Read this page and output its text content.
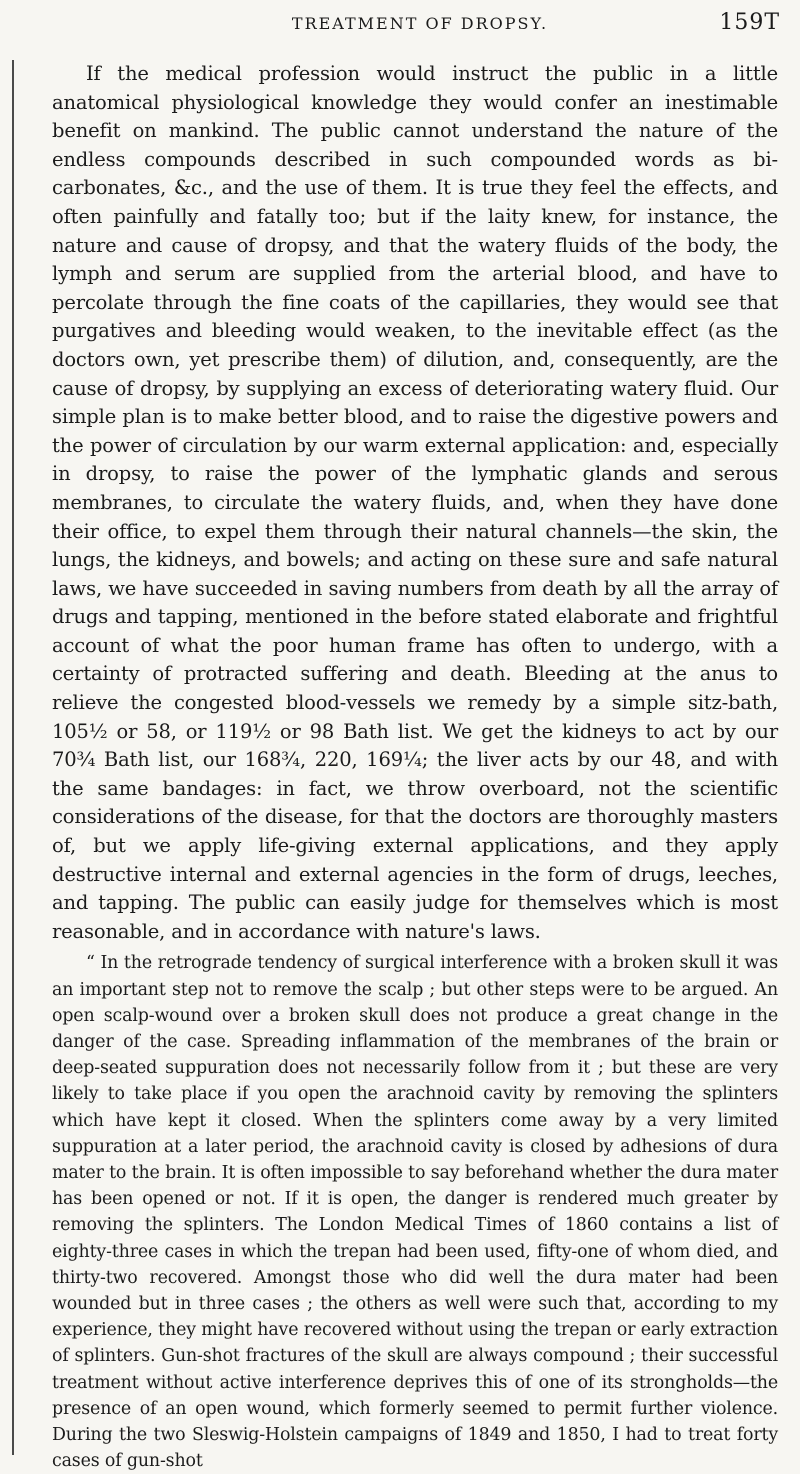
TREATMENT OF DROPSY.	159T

If the medical profession would instruct the public in a little anatomical physiological knowledge they would confer an inestimable benefit on mankind. The public cannot understand the nature of the endless compounds described in such compounded words as bi-carbonates, &c., and the use of them. It is true they feel the effects, and often painfully and fatally too; but if the laity knew, for instance, the nature and cause of dropsy, and that the watery fluids of the body, the lymph and serum are supplied from the arterial blood, and have to percolate through the fine coats of the capillaries, they would see that purgatives and bleeding would weaken, to the inevitable effect (as the doctors own, yet prescribe them) of dilution, and, consequently, are the cause of dropsy, by supplying an excess of deteriorating watery fluid. Our simple plan is to make better blood, and to raise the digestive powers and the power of circulation by our warm external application: and, especially in dropsy, to raise the power of the lymphatic glands and serous membranes, to circulate the watery fluids, and, when they have done their office, to expel them through their natural channels—the skin, the lungs, the kidneys, and bowels; and acting on these sure and safe natural laws, we have succeeded in saving numbers from death by all the array of drugs and tapping, mentioned in the before stated elaborate and frightful account of what the poor human frame has often to undergo, with a certainty of protracted suffering and death. Bleeding at the anus to relieve the congested blood-vessels we remedy by a simple sitz-bath, 105½ or 58, or 119½ or 98 Bath list. We get the kidneys to act by our 70¾ Bath list, our 168¾, 220, 169¼; the liver acts by our 48, and with the same bandages: in fact, we throw overboard, not the scientific considerations of the disease, for that the doctors are thoroughly masters of, but we apply life-giving external applications, and they apply destructive internal and external agencies in the form of drugs, leeches, and tapping. The public can easily judge for themselves which is most reasonable, and in accordance with nature's laws.

“ In the retrograde tendency of surgical interference with a broken skull it was an important step not to remove the scalp ; but other steps were to be argued. An open scalp-wound over a broken skull does not produce a great change in the danger of the case. Spreading inflammation of the membranes of the brain or deep-seated suppuration does not necessarily follow from it ; but these are very likely to take place if you open the arachnoid cavity by removing the splinters which have kept it closed. When the splinters come away by a very limited suppuration at a later period, the arachnoid cavity is closed by adhesions of dura mater to the brain. It is often impossible to say beforehand whether the dura mater has been opened or not. If it is open, the danger is rendered much greater by removing the splinters. The London Medical Times of 1860 contains a list of eighty-three cases in which the trepan had been used, fifty-one of whom died, and thirty-two recovered. Amongst those who did well the dura mater had been wounded but in three cases ; the others as well were such that, according to my experience, they might have recovered without using the trepan or early extraction of splinters. Gun-shot fractures of the skull are always compound ; their successful treatment without active interference deprives this of one of its strongholds—the presence of an open wound, which formerly seemed to permit further violence. During the two Sleswig-Holstein campaigns of 1849 and 1850, I had to treat forty cases of gun-shot
